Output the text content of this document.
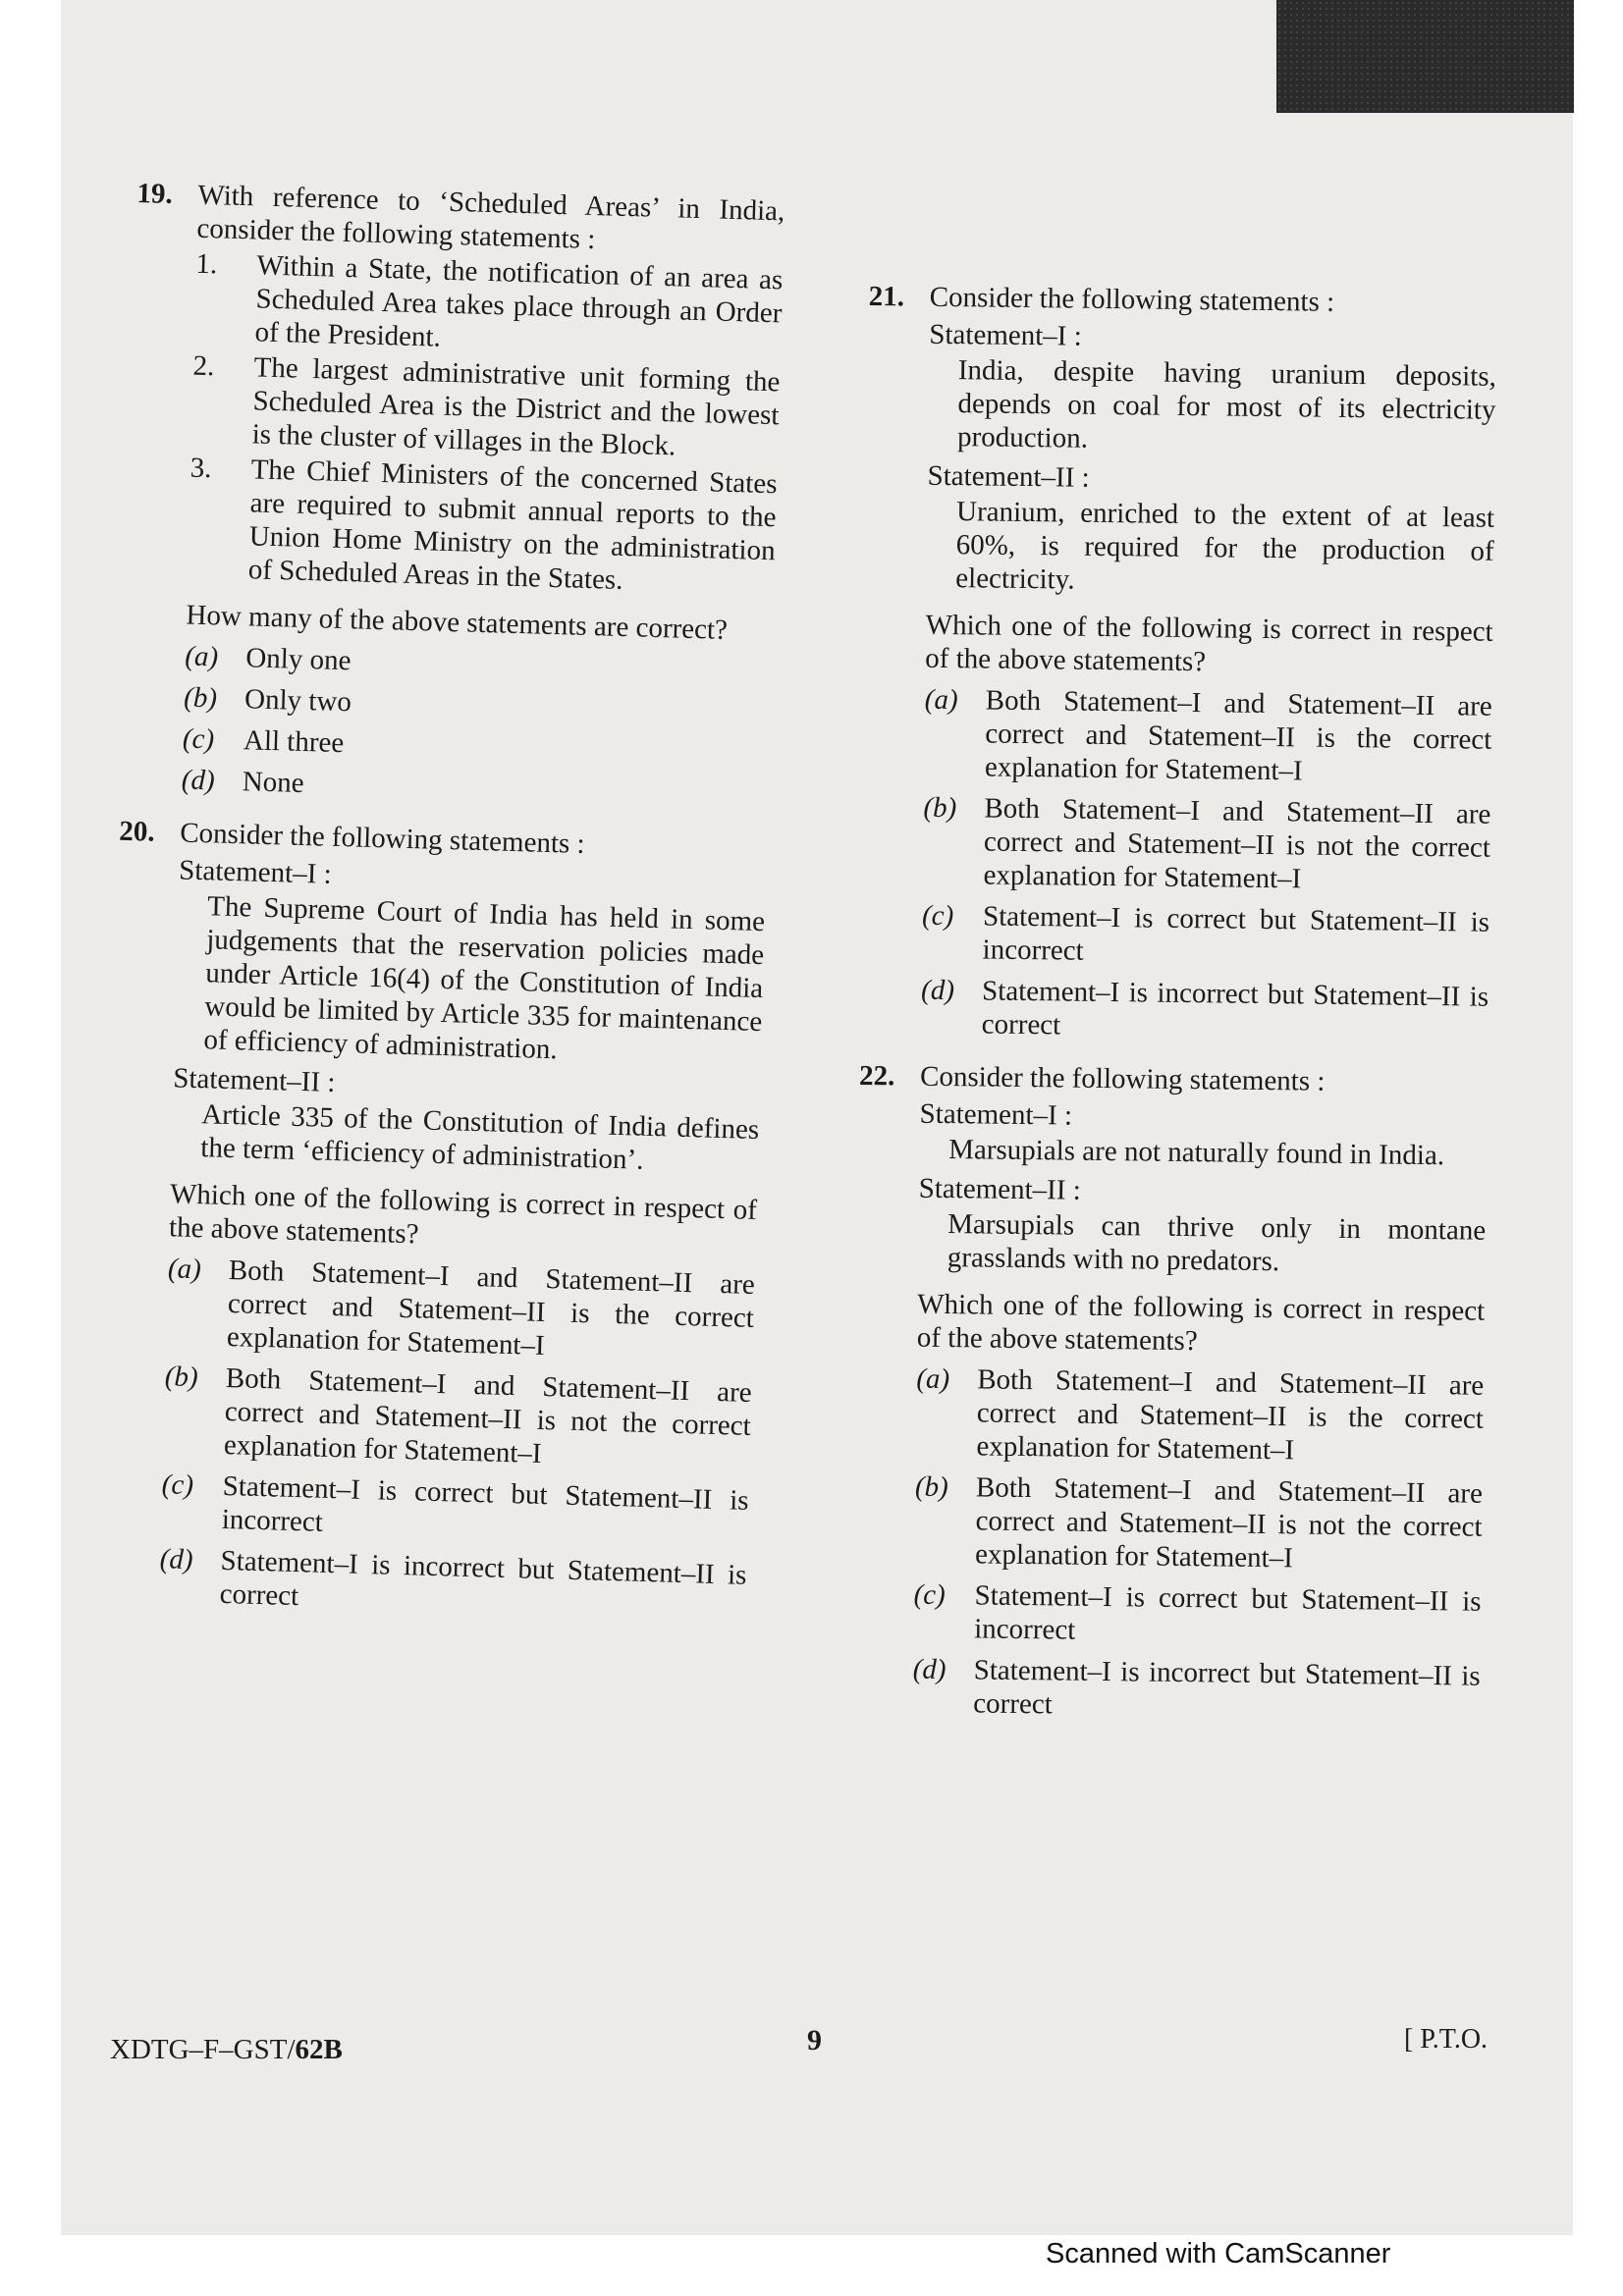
19. With reference to ‘Scheduled Areas’ in India, consider the following statements :
1. Within a State, the notification of an area as Scheduled Area takes place through an Order of the President.
2. The largest administrative unit forming the Scheduled Area is the District and the lowest is the cluster of villages in the Block.
3. The Chief Ministers of the concerned States are required to submit annual reports to the Union Home Ministry on the administration of Scheduled Areas in the States.
How many of the above statements are correct?
(a) Only one
(b) Only two
(c) All three
(d) None
20. Consider the following statements :
Statement–I :
The Supreme Court of India has held in some judgements that the reservation policies made under Article 16(4) of the Constitution of India would be limited by Article 335 for maintenance of efficiency of administration.
Statement–II :
Article 335 of the Constitution of India defines the term ‘efficiency of administration’.
Which one of the following is correct in respect of the above statements?
(a) Both Statement–I and Statement–II are correct and Statement–II is the correct explanation for Statement–I
(b) Both Statement–I and Statement–II are correct and Statement–II is not the correct explanation for Statement–I
(c) Statement–I is correct but Statement–II is incorrect
(d) Statement–I is incorrect but Statement–II is correct
21. Consider the following statements :
Statement–I :
India, despite having uranium deposits, depends on coal for most of its electricity production.
Statement–II :
Uranium, enriched to the extent of at least 60%, is required for the production of electricity.
Which one of the following is correct in respect of the above statements?
(a) Both Statement–I and Statement–II are correct and Statement–II is the correct explanation for Statement–I
(b) Both Statement–I and Statement–II are correct and Statement–II is not the correct explanation for Statement–I
(c) Statement–I is correct but Statement–II is incorrect
(d) Statement–I is incorrect but Statement–II is correct
22. Consider the following statements :
Statement–I :
Marsupials are not naturally found in India.
Statement–II :
Marsupials can thrive only in montane grasslands with no predators.
Which one of the following is correct in respect of the above statements?
(a) Both Statement–I and Statement–II are correct and Statement–II is the correct explanation for Statement–I
(b) Both Statement–I and Statement–II are correct and Statement–II is not the correct explanation for Statement–I
(c) Statement–I is correct but Statement–II is incorrect
(d) Statement–I is incorrect but Statement–II is correct
XDTG–F–GST/62B	9	[ P.T.O.
Scanned with CamScanner
